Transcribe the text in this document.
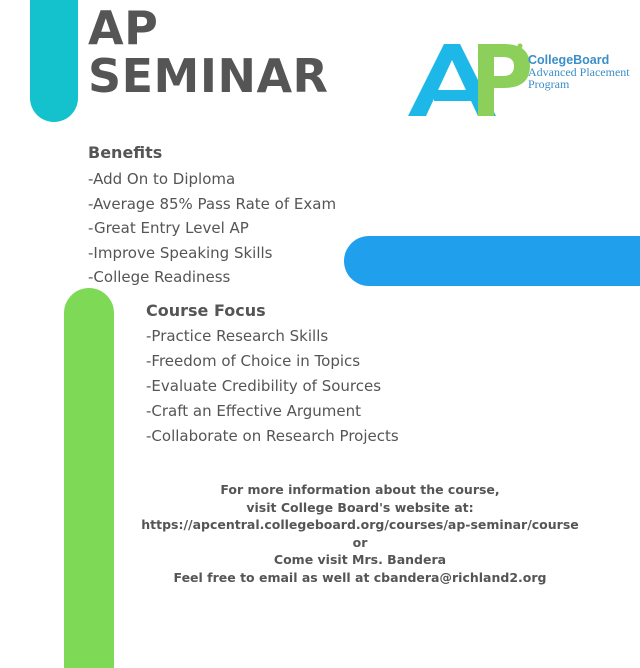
AP
SEMINAR	CollegeBoard
Advanced Placement
Program
Benefits
-Add On to Diploma
-Average 85% Pass Rate of Exam
-Great Entry Level AP
-Improve Speaking Skills
-College Readiness
Course Focus
-Practice Research Skills
-Freedom of Choice in Topics
-Evaluate Credibility of Sources
-Craft an Effective Argument
-Collaborate on Research Projects

For more information about the course,

visit College Board's website at:

https://apcentral.collegeboard.org/courses/ap-seminar/course

or

Come visit Mrs. Bandera

Feel free to email as well at cbandera@richland2.org
